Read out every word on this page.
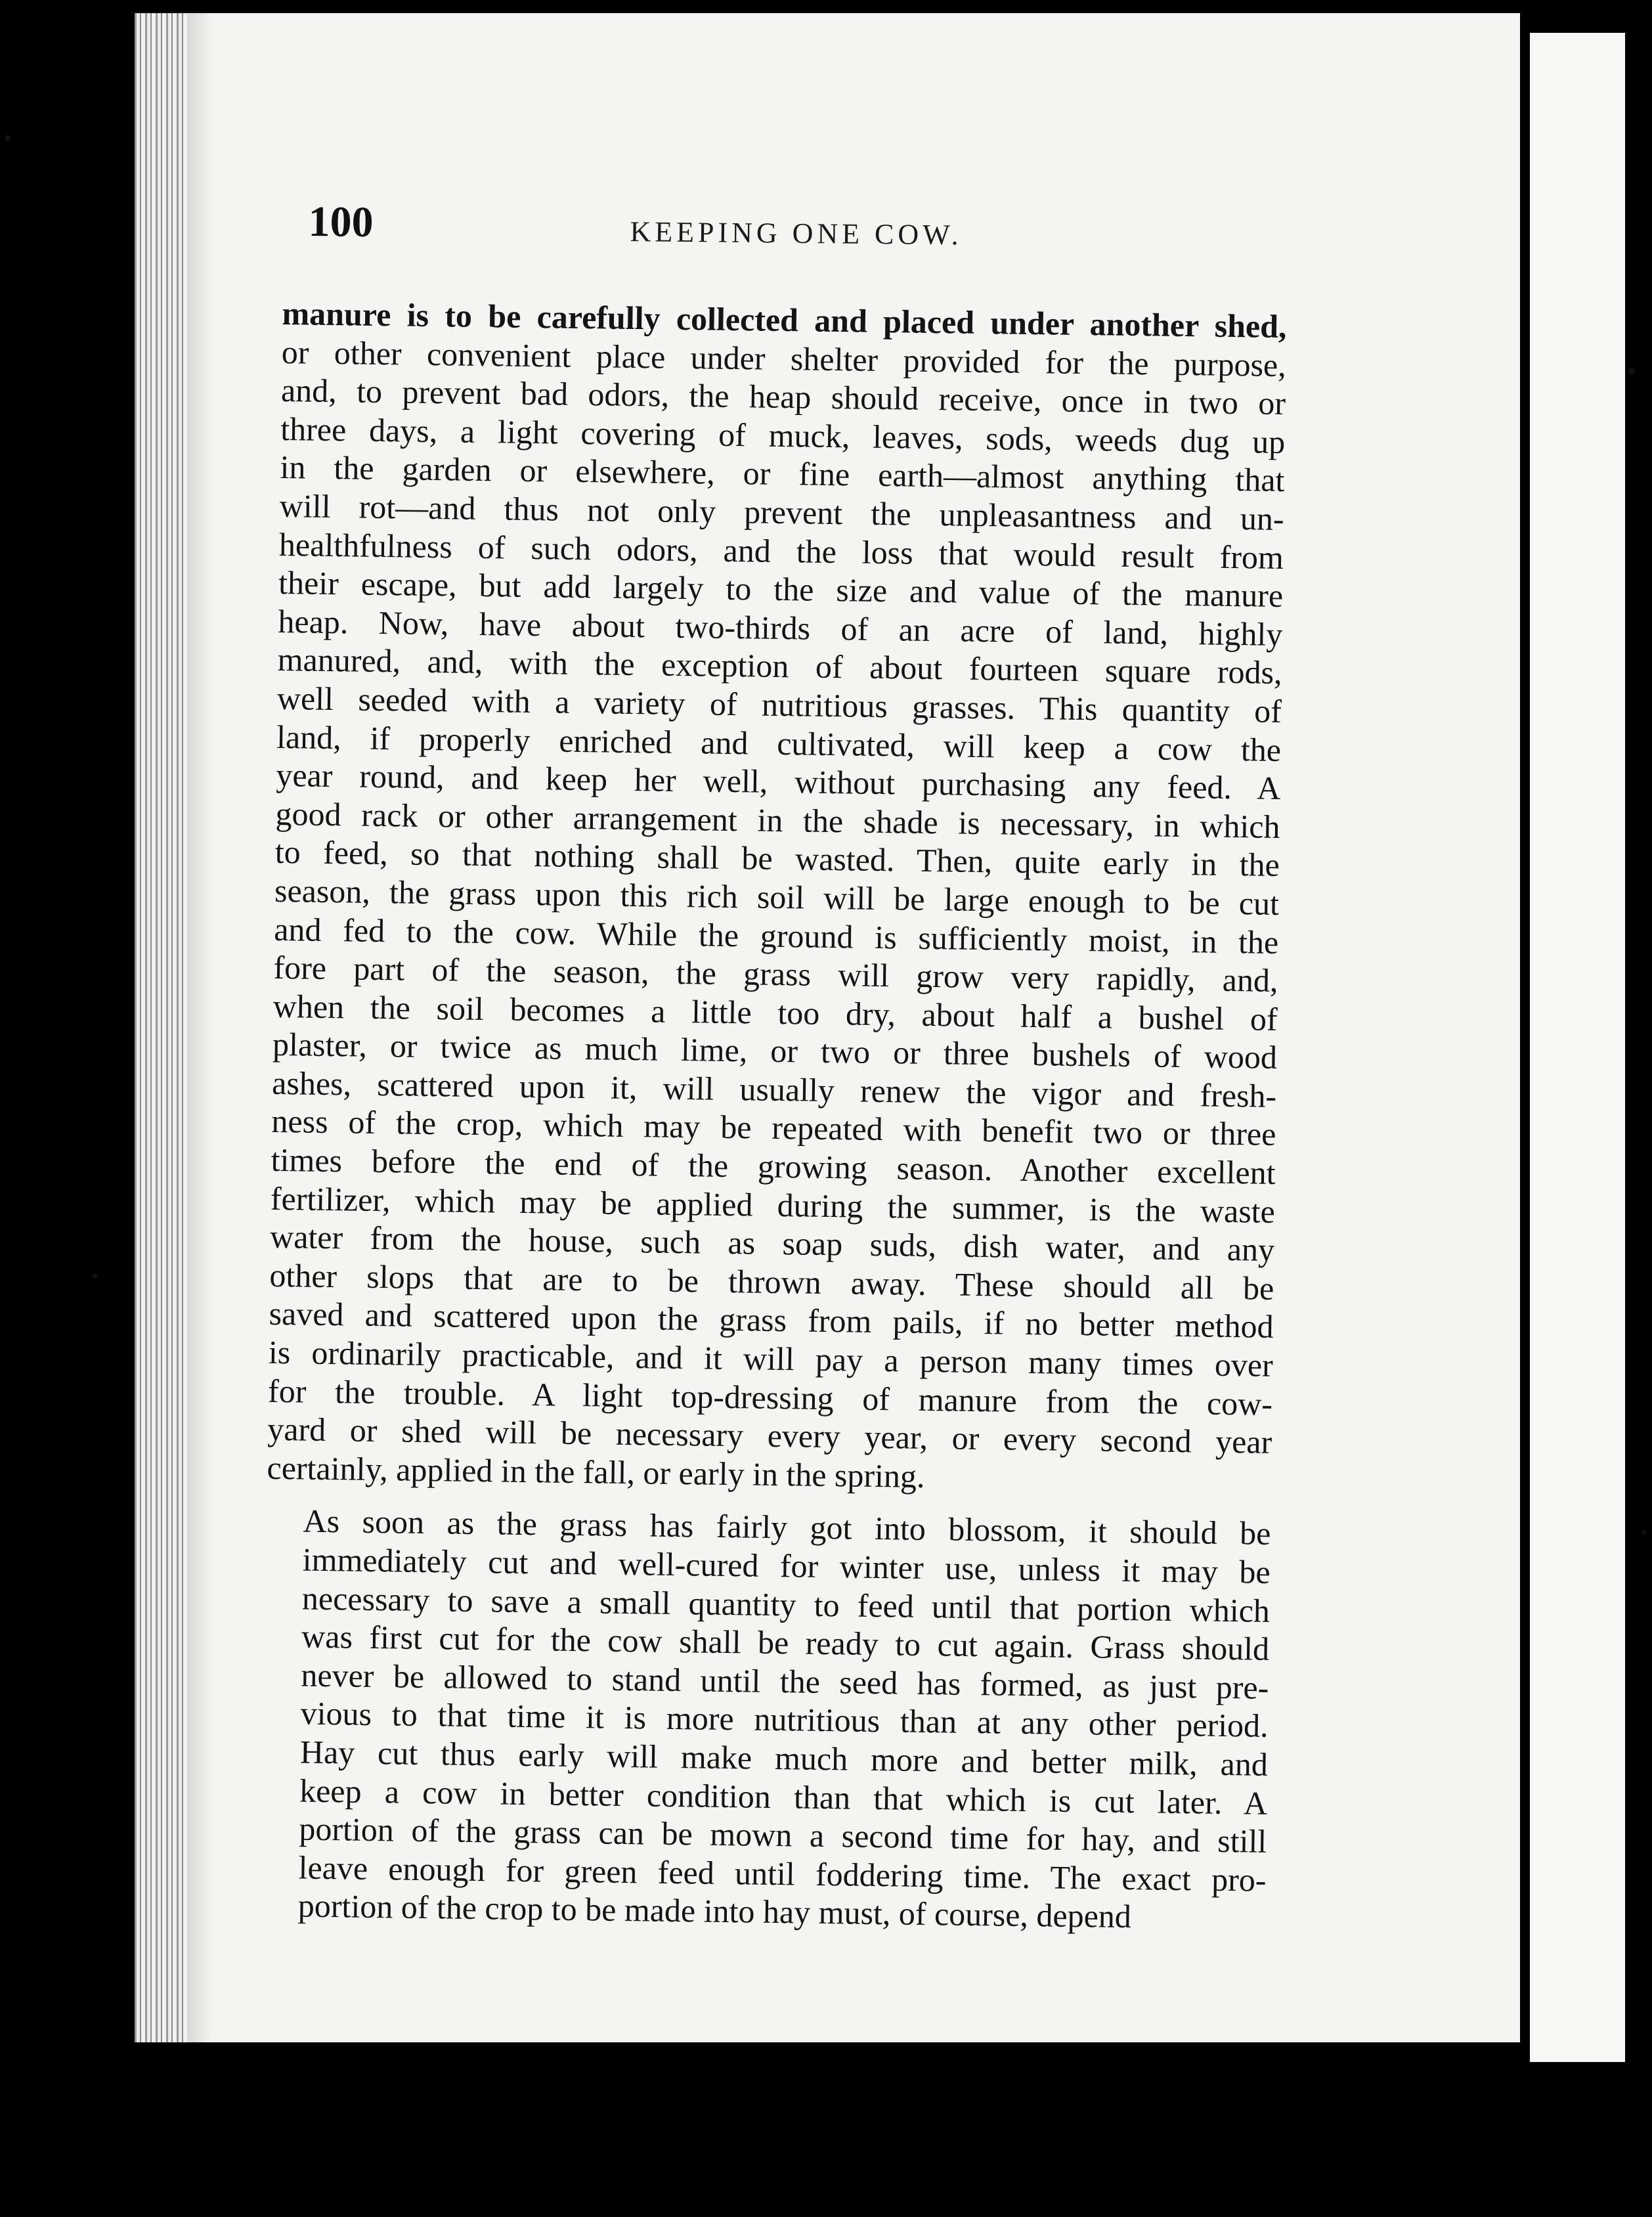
100	KEEPING ONE COW.
manure is to be carefully collected and placed under another shed,
or other convenient place under shelter provided for the purpose,
and, to prevent bad odors, the heap should receive, once in two or
three days, a light covering of muck, leaves, sods, weeds dug up
in the garden or elsewhere, or fine earth—almost anything that
will rot—and thus not only prevent the unpleasantness and un-
healthfulness of such odors, and the loss that would result from
their escape, but add largely to the size and value of the manure
heap. Now, have about two-thirds of an acre of land, highly
manured, and, with the exception of about fourteen square rods,
well seeded with a variety of nutritious grasses. This quantity of
land, if properly enriched and cultivated, will keep a cow the
year round, and keep her well, without purchasing any feed. A
good rack or other arrangement in the shade is necessary, in which
to feed, so that nothing shall be wasted. Then, quite early in the
season, the grass upon this rich soil will be large enough to be cut
and fed to the cow. While the ground is sufficiently moist, in the
fore part of the season, the grass will grow very rapidly, and,
when the soil becomes a little too dry, about half a bushel of
plaster, or twice as much lime, or two or three bushels of wood
ashes, scattered upon it, will usually renew the vigor and fresh-
ness of the crop, which may be repeated with benefit two or three
times before the end of the growing season. Another excellent
fertilizer, which may be applied during the summer, is the waste
water from the house, such as soap suds, dish water, and any
other slops that are to be thrown away. These should all be
saved and scattered upon the grass from pails, if no better method
is ordinarily practicable, and it will pay a person many times over
for the trouble. A light top-dressing of manure from the cow-
yard or shed will be necessary every year, or every second year
certainly, applied in the fall, or early in the spring.
As soon as the grass has fairly got into blossom, it should be
immediately cut and well-cured for winter use, unless it may be
necessary to save a small quantity to feed until that portion which
was first cut for the cow shall be ready to cut again. Grass should
never be allowed to stand until the seed has formed, as just pre-
vious to that time it is more nutritious than at any other period.
Hay cut thus early will make much more and better milk, and
keep a cow in better condition than that which is cut later. A
portion of the grass can be mown a second time for hay, and still
leave enough for green feed until foddering time. The exact pro-
portion of the crop to be made into hay must, of course, depend
